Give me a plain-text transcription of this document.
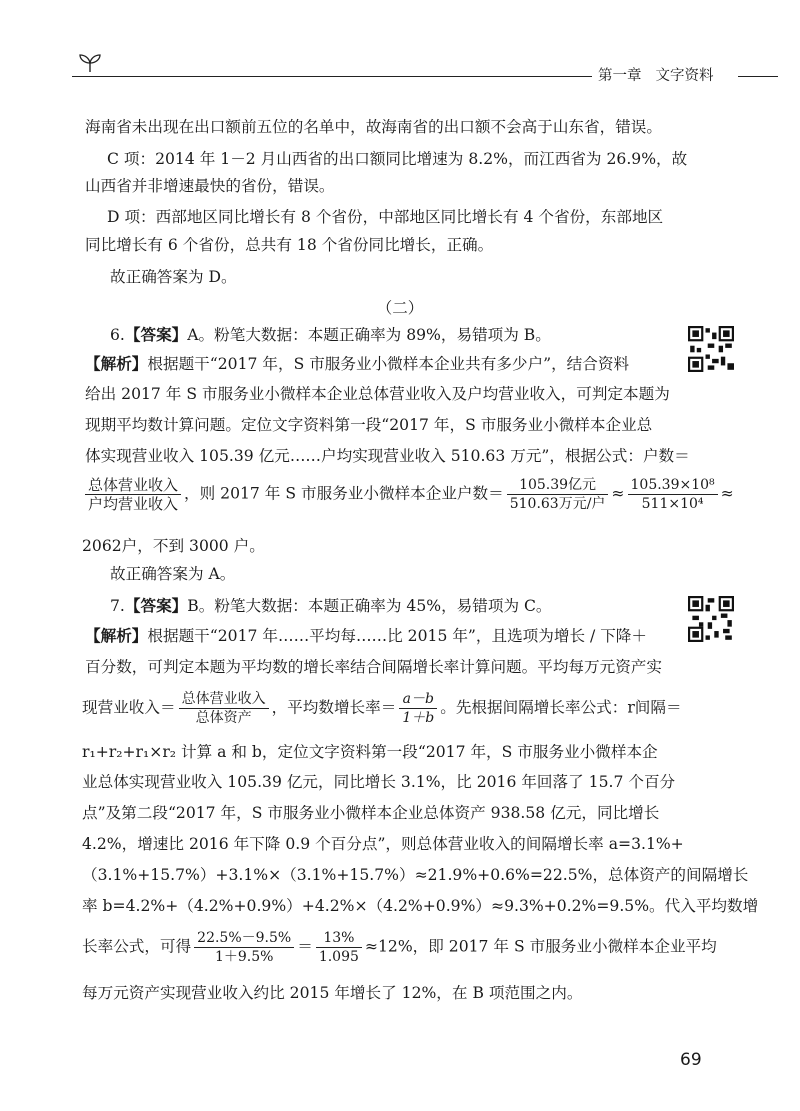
第一章 文字资料
海南省未出现在出口额前五位的名单中，故海南省的出口额不会高于山东省，错误。
C 项：2014 年 1－2 月山西省的出口额同比增速为 8.2%，而江西省为 26.9%，故
山西省并非增速最快的省份，错误。
D 项：西部地区同比增长有 8 个省份，中部地区同比增长有 4 个省份，东部地区
同比增长有 6 个省份，总共有 18 个省份同比增长，正确。
故正确答案为 D。
（二）
6.【答案】A。粉笔大数据：本题正确率为 89%，易错项为 B。
【解析】根据题干“2017 年，S 市服务业小微样本企业共有多少户”，结合资料
给出 2017 年 S 市服务业小微样本企业总体营业收入及户均营业收入，可判定本题为
现期平均数计算问题。定位文字资料第一段“2017 年，S 市服务业小微样本企业总
体实现营业收入 105.39 亿元……户均实现营业收入 510.63 万元”，根据公式：户数＝
$\frac{\text{总体营业收入}}{\text{户均营业收入}}$ ，则 2017 年 S 市服务业小微样本企业户数＝ $\frac{\text{105.39亿元}}{\text{510.63万元/户}} \approx \frac{\text{105.39×10⁸}}{\text{511×10⁴}}$ ≈
2062户，不到 3000 户。
故正确答案为 A。
7.【答案】B。粉笔大数据：本题正确率为 45%，易错项为 C。
【解析】根据题干“2017 年……平均每……比 2015 年”，且选项为增长 / 下降＋
百分数，可判定本题为平均数的增长率结合间隔增长率计算问题。平均每万元资产实
现营业收入＝ $\frac{\text{总体营业收入}}{\text{总体资产}}$ ，平均数增长率＝ $\frac{a-b}{1+b}$ 。先根据间隔增长率公式：r间隔＝
r₁+r₂+r₁×r₂ 计算 a 和 b，定位文字资料第一段“2017 年，S 市服务业小微样本企
业总体实现营业收入 105.39 亿元，同比增长 3.1%，比 2016 年回落了 15.7 个百分
点”及第二段“2017 年，S 市服务业小微样本企业总体资产 938.58 亿元，同比增长
4.2%，增速比 2016 年下降 0.9 个百分点”，则总体营业收入的间隔增长率 a=3.1%+
（3.1%+15.7%）+3.1%×（3.1%+15.7%）≈21.9%+0.6%=22.5%，总体资产的间隔增长
率 b=4.2%+（4.2%+0.9%）+4.2%×（4.2%+0.9%）≈9.3%+0.2%=9.5%。代入平均数增
长率公式，可得 $\frac{22.5\%-9.5\%}{1+9.5\%} = \frac{13\%}{1.095} \approx 12\%$，即 2017 年 S 市服务业小微样本企业平均
每万元资产实现营业收入约比 2015 年增长了 12%，在 B 项范围之内。
69
